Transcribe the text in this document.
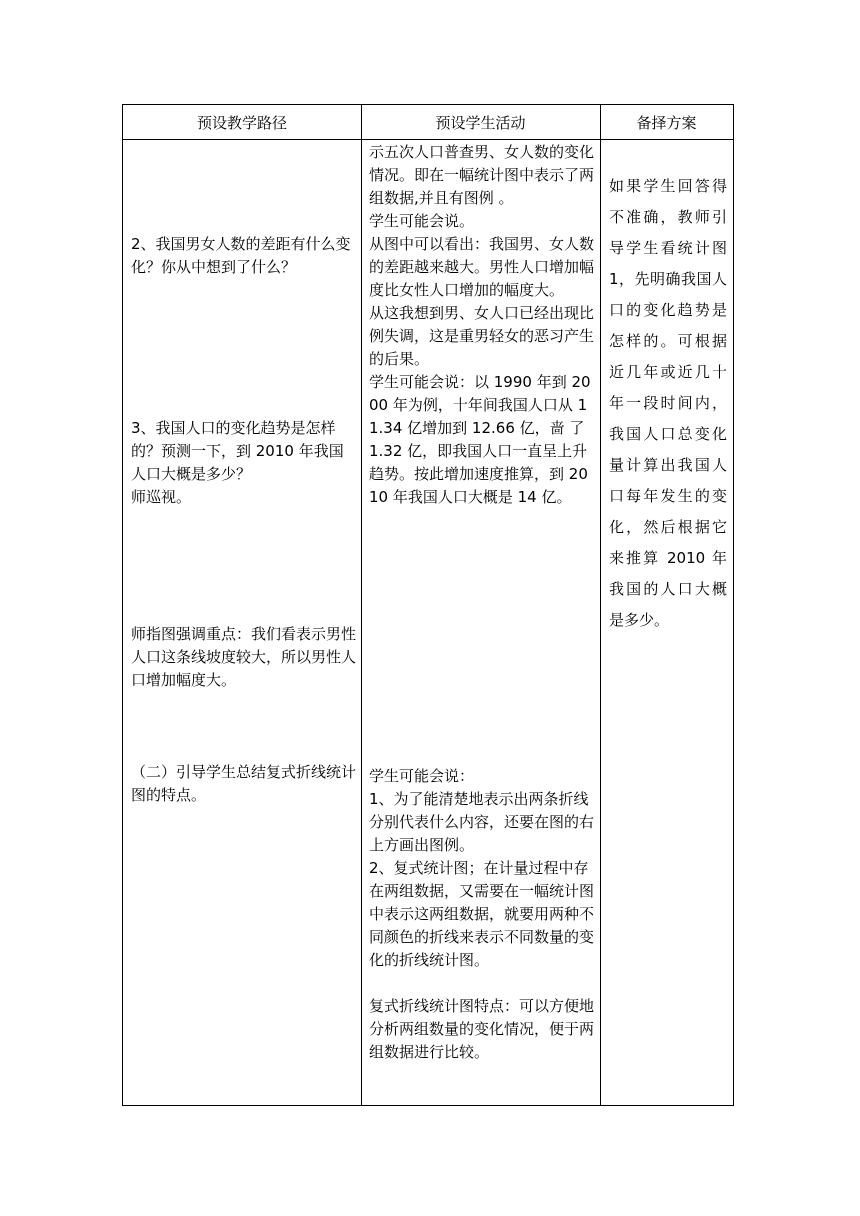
预设教学路径	预设学生活动	备择方案
2、我国男女人数的差距有什么变化？你从中想到了什么？
3、我国人口的变化趋势是怎样的？预测一下，到 2010 年我国人口大概是多少？
师巡视。
师指图强调重点：我们看表示男性人口这条线坡度较大，所以男性人口增加幅度大。
（二）引导学生总结复式折线统计图的特点。
示五次人口普查男、女人数的变化情况。即在一幅统计图中表示了两组数据,并且有图例 。
学生可能会说。
从图中可以看出：我国男、女人数的差距越来越大。男性人口增加幅度比女性人口增加的幅度大。
从这我想到男、女人口已经出现比例失调，这是重男轻女的恶习产生的后果。
学生可能会说：以 1990 年到 2000 年为例，十年间我国人口从 11.34 亿增加到 12.66 亿，啬 了 1.32 亿，即我国人口一直呈上升趋势。按此增加速度推算，到 2010 年我国人口大概是 14 亿。
学生可能会说：
1、为了能清楚地表示出两条折线分别代表什么内容，还要在图的右上方画出图例。
2、复式统计图；在计量过程中存在两组数据，又需要在一幅统计图中表示这两组数据，就要用两种不同颜色的折线来表示不同数量的变化的折线统计图。

复式折线统计图特点：可以方便地分析两组数量的变化情况，便于两组数据进行比较。
如果学生回答得不准确，教师引导学生看统计图 1，先明确我国人口的变化趋势是怎样的。可根据近几年或近几十年一段时间内，我国人口总变化量计算出我国人口每年发生的变化，然后根据它来推算 2010 年我国的人口大概是多少。
